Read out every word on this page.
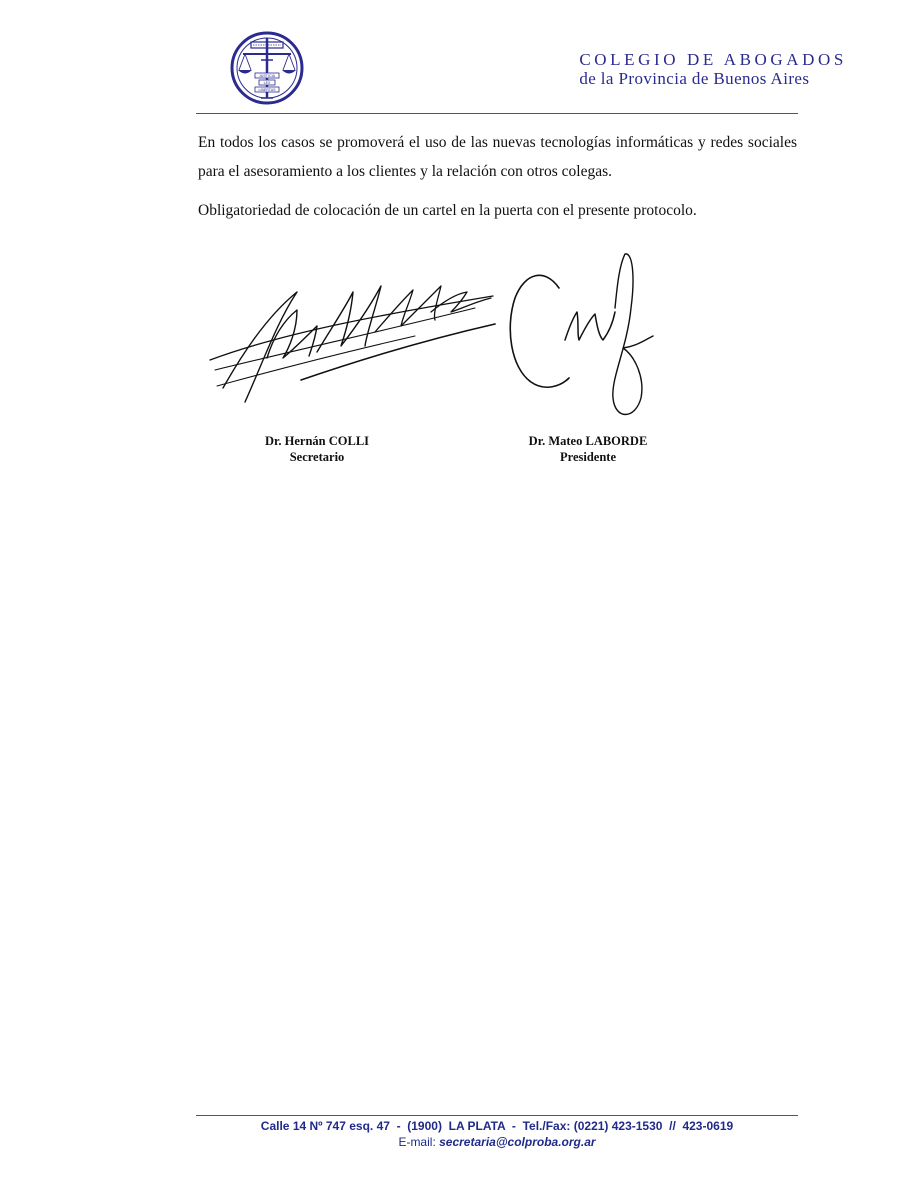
JUSTICIA
LEX
LIBERTAS
COLEGIO DE ABOGADOS
de la Provincia de Buenos Aires

En todos los casos se promoverá el uso de las nuevas tecnologías informáticas y redes sociales para el asesoramiento a los clientes y la relación con otros colegas.

Obligatoriedad de colocación de un cartel en la puerta con el presente protocolo.

Dr. Hernán COLLI
Secretario
Dr. Mateo LABORDE
Presidente
Calle 14 Nº 747 esq. 47  -  (1900)  LA PLATA  -  Tel./Fax: (0221) 423-1530  //  423-0619
E-mail: secretaria@colproba.org.ar
